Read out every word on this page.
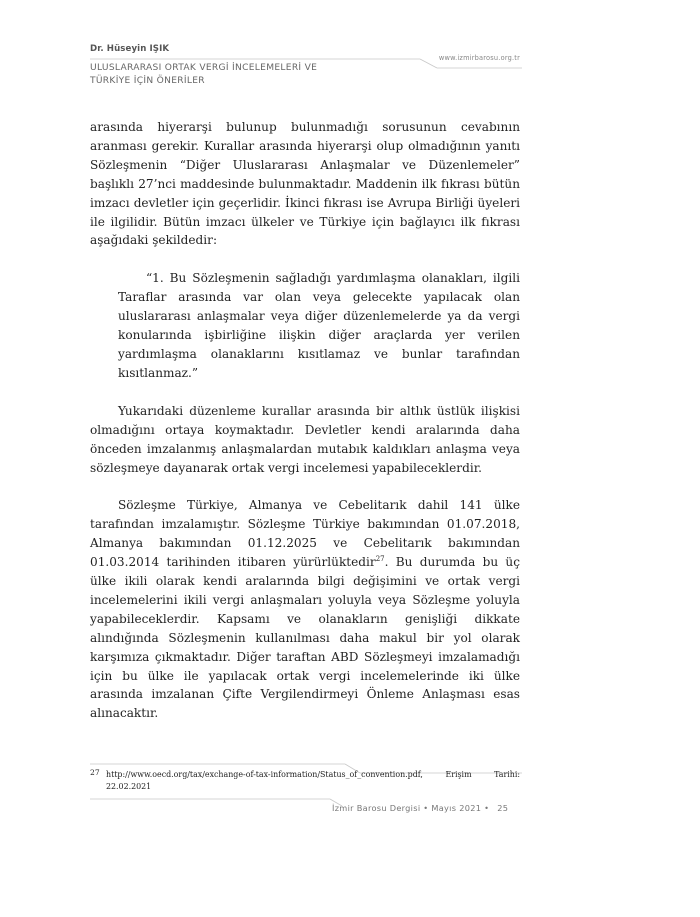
Dr. Hüseyin IŞIK
ULUSLARARASI ORTAK VERGİ İNCELEMELERİ VE
TÜRKİYE İÇİN ÖNERİLER
www.izmirbarosu.org.tr

arasında hiyerarşi bulunup bulunmadığı sorusunun cevabının aranması gerekir. Kurallar arasında hiyerarşi olup olmadığının yanıtı Sözleşmenin “Diğer Uluslararası Anlaşmalar ve Düzenlemeler” başlıklı 27’nci maddesinde bulunmaktadır. Maddenin ilk fıkrası bütün imzacı devletler için geçerlidir. İkinci fıkrası ise Avrupa Birliği üyeleri ile ilgilidir. Bütün imzacı ülkeler ve Türkiye için bağlayıcı ilk fıkrası aşağıdaki şekildedir:

“1. Bu Sözleşmenin sağladığı yardımlaşma olanakları, ilgili Taraflar arasında var olan veya gelecekte yapılacak olan uluslararası anlaşmalar veya diğer düzenlemelerde ya da vergi konularında işbirliğine ilişkin diğer araçlarda yer verilen yardımlaşma olanaklarını kısıtlamaz ve bunlar tarafından kısıtlanmaz.”

Yukarıdaki düzenleme kurallar arasında bir altlık üstlük ilişkisi olmadığını ortaya koymaktadır. Devletler kendi aralarında daha önceden imzalanmış anlaşmalardan mutabık kaldıkları anlaşma veya sözleşmeye dayanarak ortak vergi incelemesi yapabileceklerdir.

Sözleşme Türkiye, Almanya ve Cebelitarık dahil 141 ülke tarafından imzalamıştır. Sözleşme Türkiye bakımından 01.07.2018, Almanya bakımından 01.12.2025 ve Cebelitarık bakımından 01.03.2014 tarihinden itibaren yürürlüktedir$^{27}$. Bu durumda bu üç ülke ikili olarak kendi aralarında bilgi değişimini ve ortak vergi incelemelerini ikili vergi anlaşmaları yoluyla veya Sözleşme yoluyla yapabileceklerdir. Kapsamı ve olanakların genişliği dikkate alındığında Sözleşmenin kullanılması daha makul bir yol olarak karşımıza çıkmaktadır. Diğer taraftan ABD Sözleşmeyi imzalamadığı için bu ülke ile yapılacak ortak vergi incelemelerinde iki ülke arasında imzalanan Çifte Vergilendirmeyi Önleme Anlaşması esas alınacaktır.

27 http://www.oecd.org/tax/exchange-of-tax-information/Status_of_convention.pdf, Erişim Tarihi: 22.02.2021
İzmir Barosu Dergisi • Mayıs 2021 • 25
